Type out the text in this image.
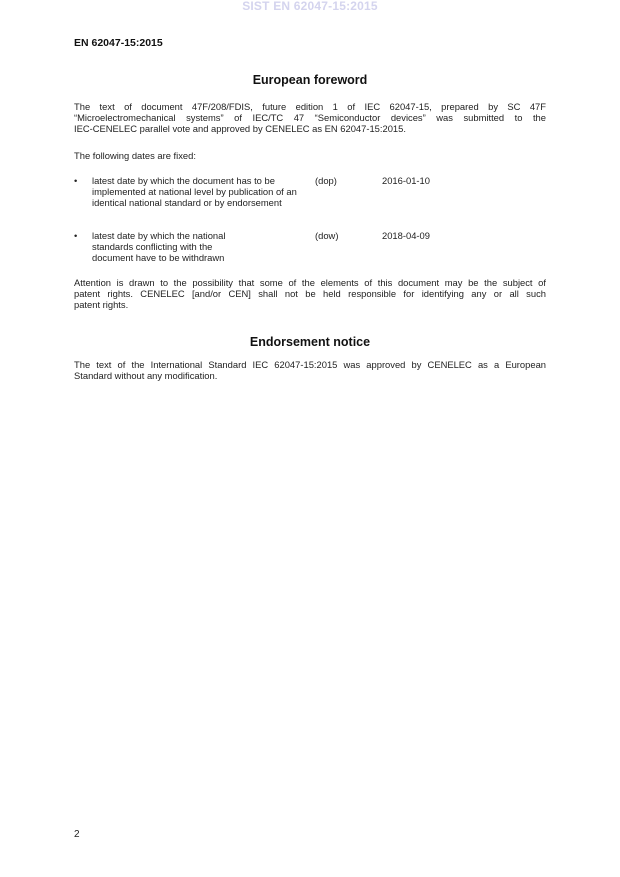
SIST EN 62047-15:2015
EN 62047-15:2015
European foreword
The text of document 47F/208/FDIS, future edition 1 of IEC 62047-15, prepared by SC 47F
“Microelectromechanical systems” of IEC/TC 47 “Semiconductor devices” was submitted to the
IEC-CENELEC parallel vote and approved by CENELEC as EN 62047-15:2015.
The following dates are fixed:
• latest date by which the document has to be implemented at national level by publication of an identical national standard or by endorsement
(dop)	2016-01-10
• latest date by which the national standards conflicting with the document have to be withdrawn
(dow)	2018-04-09
Attention is drawn to the possibility that some of the elements of this document may be the subject of
patent rights. CENELEC [and/or CEN] shall not be held responsible for identifying any or all such
patent rights.
Endorsement notice
The text of the International Standard IEC 62047-15:2015 was approved by CENELEC as a European
Standard without any modification.
2
